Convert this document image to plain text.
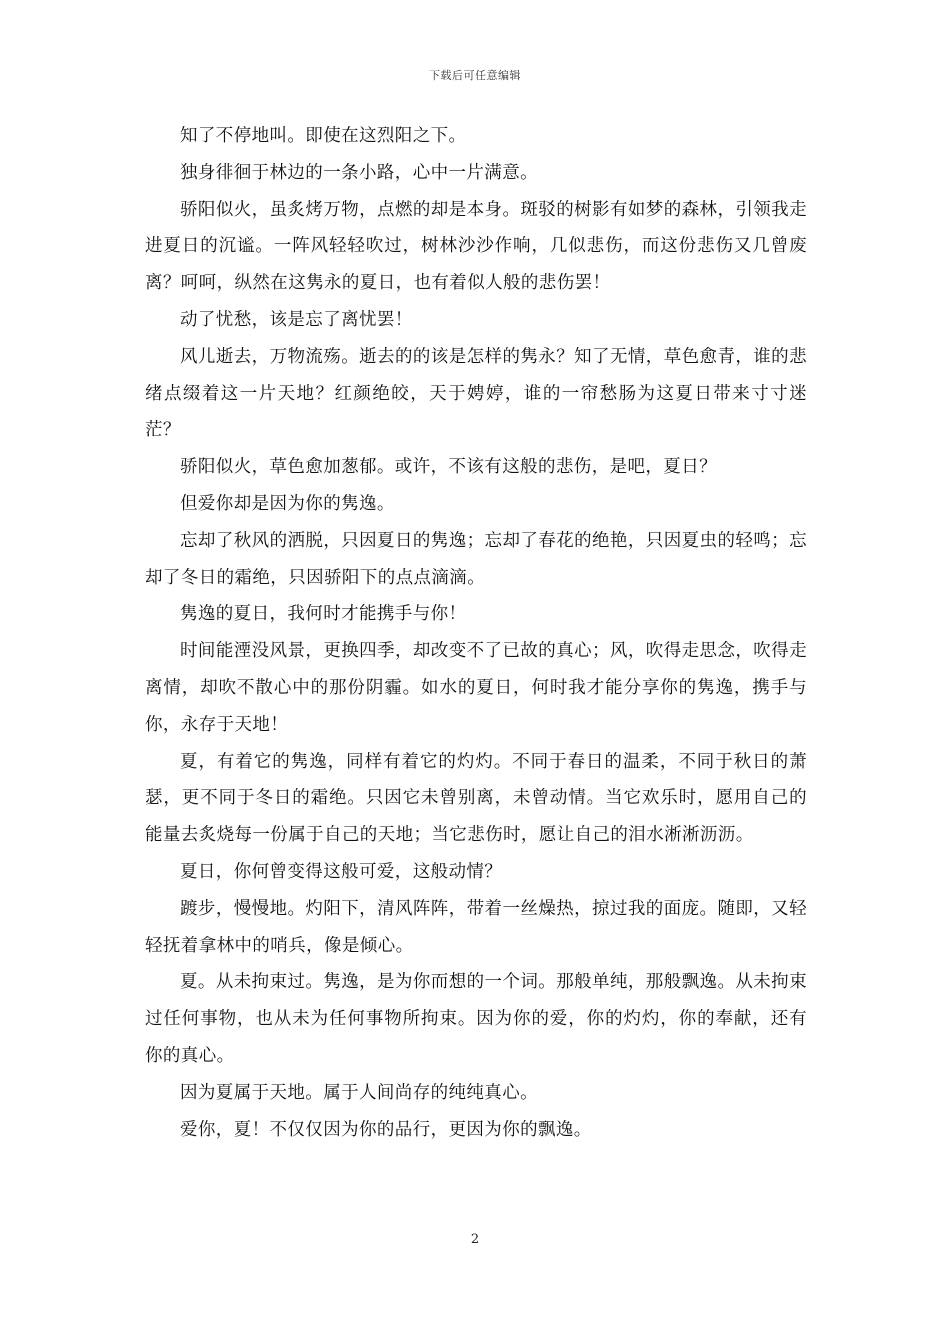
下载后可任意编辑

知了不停地叫。即使在这烈阳之下。

独身徘徊于林边的一条小路，心中一片满意。

骄阳似火，虽炙烤万物，点燃的却是本身。斑驳的树影有如梦的森林，引领我走进夏日的沉谧。一阵风轻轻吹过，树林沙沙作响，几似悲伤，而这份悲伤又几曾废离？呵呵，纵然在这隽永的夏日，也有着似人般的悲伤罢！

动了忧愁，该是忘了离忧罢！

风儿逝去，万物流殇。逝去的的该是怎样的隽永？知了无情，草色愈青，谁的悲绪点缀着这一片天地？红颜绝皎，天于娉婷，谁的一帘愁肠为这夏日带来寸寸迷茫？

骄阳似火，草色愈加葱郁。或许，不该有这般的悲伤，是吧，夏日？

但爱你却是因为你的隽逸。

忘却了秋风的洒脱，只因夏日的隽逸；忘却了春花的绝艳，只因夏虫的轻鸣；忘却了冬日的霜绝，只因骄阳下的点点滴滴。

隽逸的夏日，我何时才能携手与你！

时间能湮没风景，更换四季，却改变不了已故的真心；风，吹得走思念，吹得走离情，却吹不散心中的那份阴霾。如水的夏日，何时我才能分享你的隽逸，携手与你，永存于天地！

夏，有着它的隽逸，同样有着它的灼灼。不同于春日的温柔，不同于秋日的萧瑟，更不同于冬日的霜绝。只因它未曾别离，未曾动情。当它欢乐时，愿用自己的能量去炙烧每一份属于自己的天地；当它悲伤时，愿让自己的泪水淅淅沥沥。

夏日，你何曾变得这般可爱，这般动情？

踱步，慢慢地。灼阳下，清风阵阵，带着一丝燥热，掠过我的面庞。随即，又轻轻抚着拿林中的哨兵，像是倾心。

夏。从未拘束过。隽逸，是为你而想的一个词。那般单纯，那般飘逸。从未拘束过任何事物，也从未为任何事物所拘束。因为你的爱，你的灼灼，你的奉献，还有你的真心。

因为夏属于天地。属于人间尚存的纯纯真心。

爱你，夏！不仅仅因为你的品行，更因为你的飘逸。

2
